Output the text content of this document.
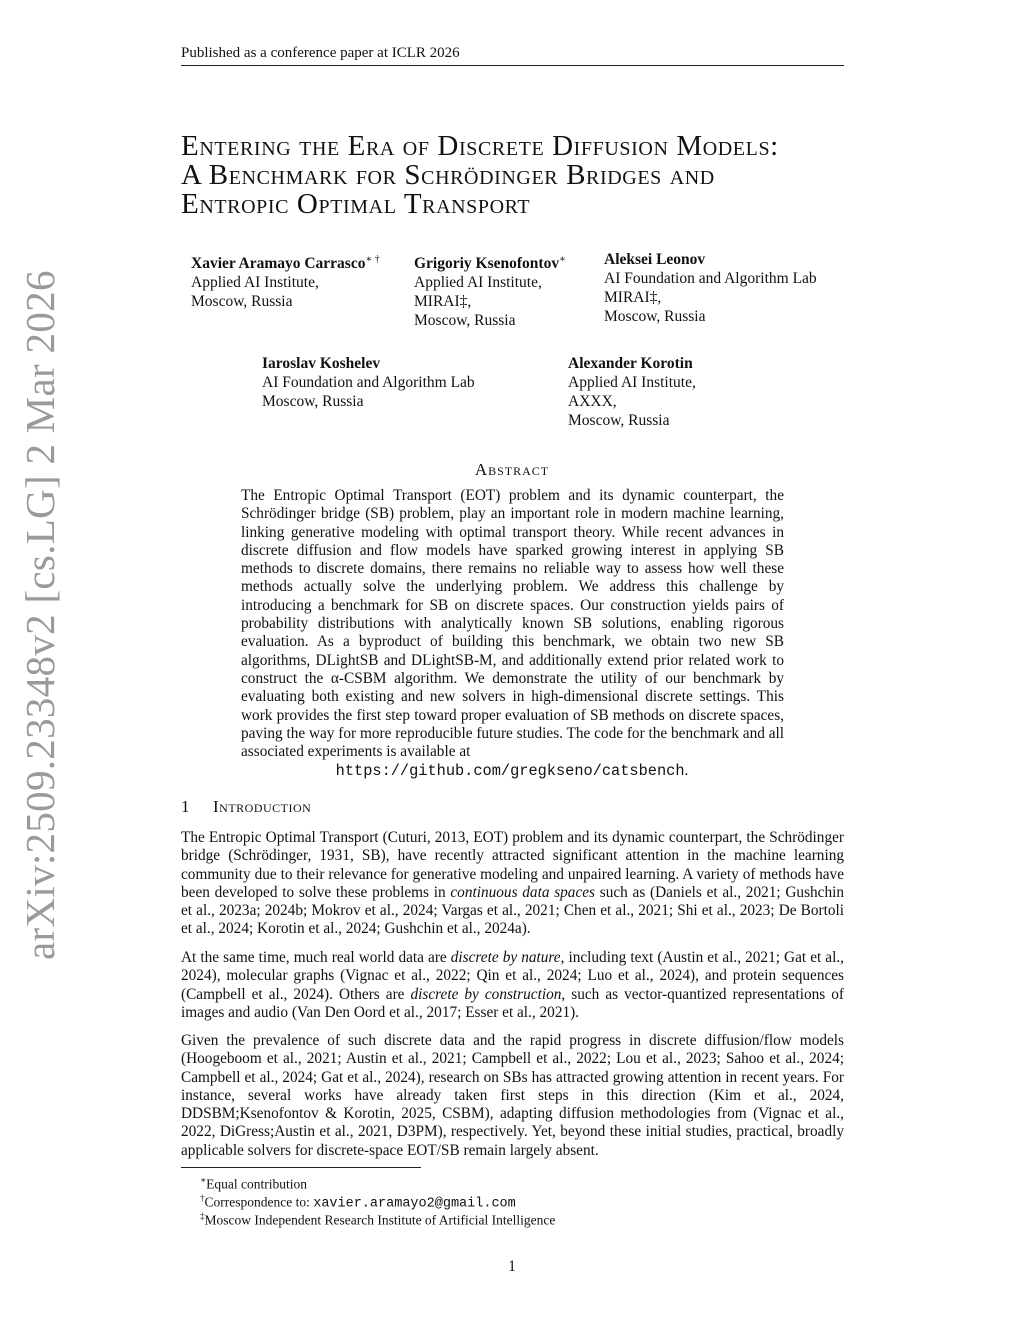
Published as a conference paper at ICLR 2026
arXiv:2509.23348v2 [cs.LG] 2 Mar 2026
Entering the Era of Discrete Diffusion Models:
A Benchmark for Schrödinger Bridges and
Entropic Optimal Transport
Xavier Aramayo Carrasco∗ †
Applied AI Institute,
Moscow, Russia
Grigoriy Ksenofontov∗
Applied AI Institute,
MIRAI‡,
Moscow, Russia
Aleksei Leonov
AI Foundation and Algorithm Lab
MIRAI‡,
Moscow, Russia
Iaroslav Koshelev
AI Foundation and Algorithm Lab
Moscow, Russia
Alexander Korotin
Applied AI Institute,
AXXX,
Moscow, Russia
Abstract
The Entropic Optimal Transport (EOT) problem and its dynamic counterpart, the Schrödinger bridge (SB) problem, play an important role in modern machine learning, linking generative modeling with optimal transport theory. While recent advances in discrete diffusion and flow models have sparked growing interest in applying SB methods to discrete domains, there remains no reliable way to assess how well these methods actually solve the underlying problem. We address this challenge by introducing a benchmark for SB on discrete spaces. Our construction yields pairs of probability distributions with analytically known SB solutions, enabling rigorous evaluation. As a byproduct of building this benchmark, we obtain two new SB algorithms, DLightSB and DLightSB-M, and additionally extend prior related work to construct the α-CSBM algorithm. We demonstrate the utility of our benchmark by evaluating both existing and new solvers in high-dimensional discrete settings. This work provides the first step toward proper evaluation of SB methods on discrete spaces, paving the way for more reproducible future studies. The code for the benchmark and all associated experiments is available at
https://github.com/gregkseno/catsbench.
1 Introduction

The Entropic Optimal Transport (Cuturi, 2013, EOT) problem and its dynamic counterpart, the Schrödinger bridge (Schrödinger, 1931, SB), have recently attracted significant attention in the machine learning community due to their relevance for generative modeling and unpaired learning. A variety of methods have been developed to solve these problems in continuous data spaces such as (Daniels et al., 2021; Gushchin et al., 2023a; 2024b; Mokrov et al., 2024; Vargas et al., 2021; Chen et al., 2021; Shi et al., 2023; De Bortoli et al., 2024; Korotin et al., 2024; Gushchin et al., 2024a).

At the same time, much real world data are discrete by nature, including text (Austin et al., 2021; Gat et al., 2024), molecular graphs (Vignac et al., 2022; Qin et al., 2024; Luo et al., 2024), and protein sequences (Campbell et al., 2024). Others are discrete by construction, such as vector-quantized representations of images and audio (Van Den Oord et al., 2017; Esser et al., 2021).

Given the prevalence of such discrete data and the rapid progress in discrete diffusion/flow models (Hoogeboom et al., 2021; Austin et al., 2021; Campbell et al., 2022; Lou et al., 2023; Sahoo et al., 2024; Campbell et al., 2024; Gat et al., 2024), research on SBs has attracted growing attention in recent years. For instance, several works have already taken first steps in this direction (Kim et al., 2024, DDSBM;Ksenofontov & Korotin, 2025, CSBM), adapting diffusion methodologies from (Vignac et al., 2022, DiGress;Austin et al., 2021, D3PM), respectively. Yet, beyond these initial studies, practical, broadly applicable solvers for discrete-space EOT/SB remain largely absent.

∗Equal contribution
†Correspondence to: xavier.aramayo2@gmail.com
‡Moscow Independent Research Institute of Artificial Intelligence
1
